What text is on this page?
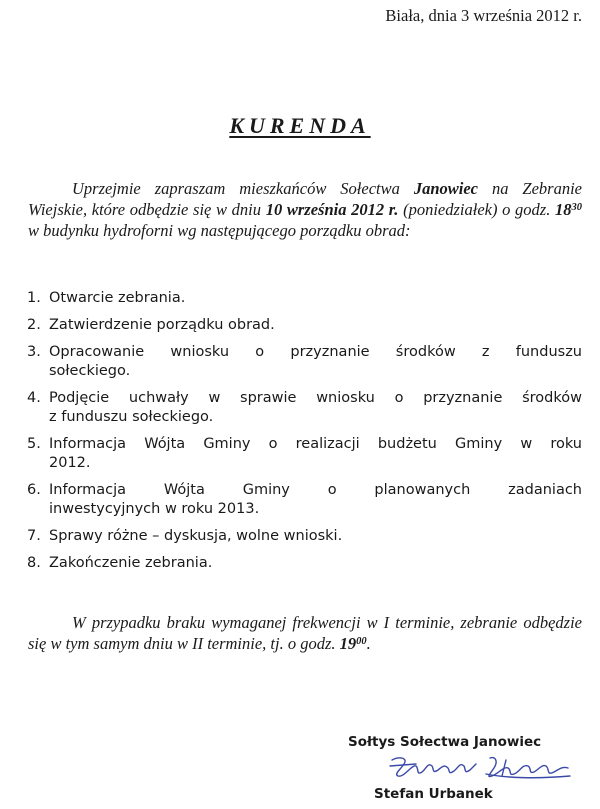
Biała, dnia 3 września 2012 r.
KURENDA

Uprzejmie zapraszam mieszkańców Sołectwa Janowiec na Zebranie Wiejskie, które odbędzie się w dniu 10 września 2012 r. (poniedziałek) o godz. $18^{30}$ w budynku hydroforni wg następującego porządku obrad:

1. Otwarcie zebrania.
2. Zatwierdzenie porządku obrad.
3. Opracowanie wniosku o przyznanie środków z funduszu
sołeckiego.
4. Podjęcie uchwały w sprawie wniosku o przyznanie środków
z funduszu sołeckiego.
5. Informacja Wójta Gminy o realizacji budżetu Gminy w roku
2012.
6. Informacja Wójta Gminy o planowanych zadaniach
inwestycyjnych w roku 2013.
7. Sprawy różne – dyskusja, wolne wnioski.
8. Zakończenie zebrania.

W przypadku braku wymaganej frekwencji w I terminie, zebranie odbędzie się w tym samym dniu w II terminie, tj. o godz. $19^{00}$.

Sołtys Sołectwa Janowiec
Stefan Urbanek
